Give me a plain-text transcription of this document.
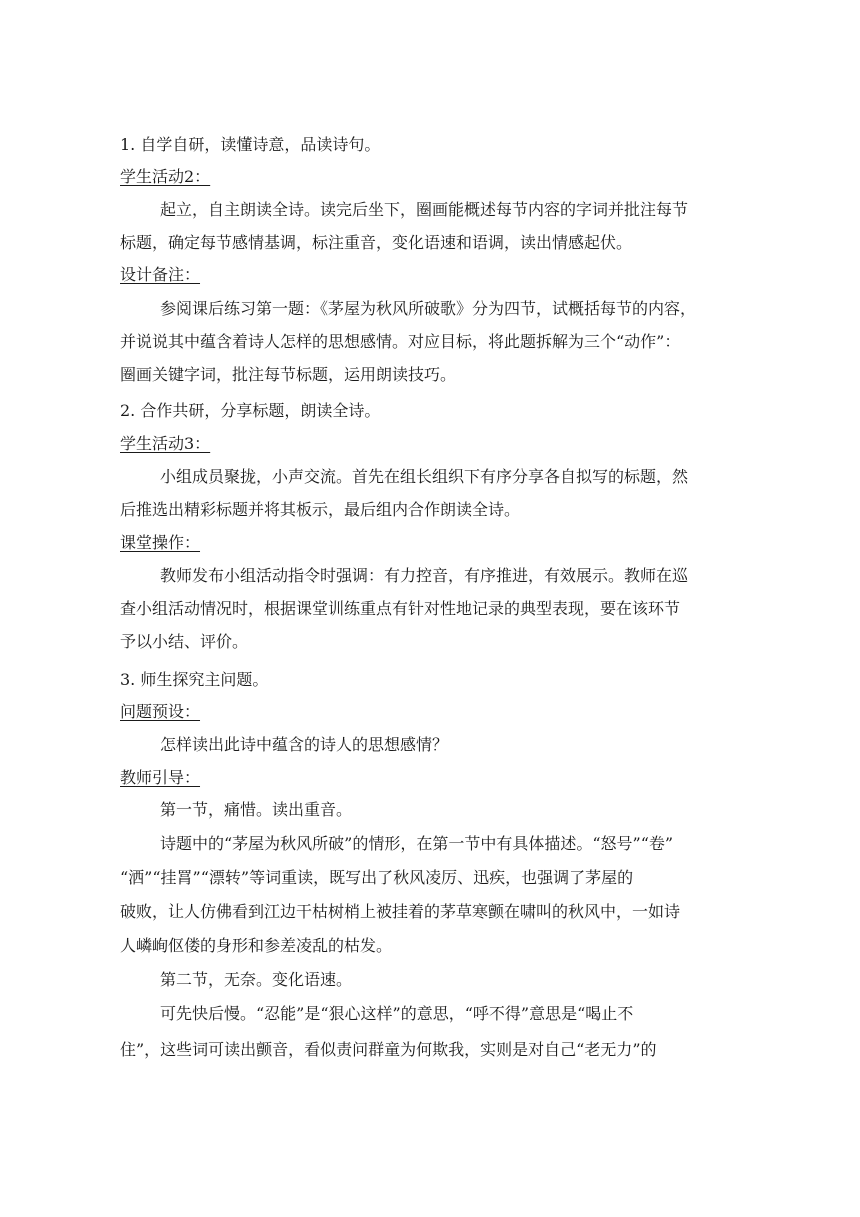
1. 自学自研，读懂诗意，品读诗句。
学生活动2：
起立，自主朗读全诗。读完后坐下，圈画能概述每节内容的字词并批注每节
标题，确定每节感情基调，标注重音，变化语速和语调，读出情感起伏。
设计备注：
参阅课后练习第一题：《茅屋为秋风所破歌》分为四节，试概括每节的内容，
并说说其中蕴含着诗人怎样的思想感情。对应目标，将此题拆解为三个“动作”：
圈画关键字词，批注每节标题，运用朗读技巧。
2. 合作共研，分享标题，朗读全诗。
学生活动3：
小组成员聚拢，小声交流。首先在组长组织下有序分享各自拟写的标题，然
后推选出精彩标题并将其板示，最后组内合作朗读全诗。
课堂操作：
教师发布小组活动指令时强调：有力控音，有序推进，有效展示。教师在巡
查小组活动情况时，根据课堂训练重点有针对性地记录的典型表现，要在该环节
予以小结、评价。
3. 师生探究主问题。
问题预设：
怎样读出此诗中蕴含的诗人的思想感情？
教师引导：
第一节，痛惜。读出重音。
诗题中的“茅屋为秋风所破”的情形，在第一节中有具体描述。“怒号”“卷”
“洒”“挂罥”“漂转”等词重读，既写出了秋风凌厉、迅疾，也强调了茅屋的
破败，让人仿佛看到江边干枯树梢上被挂着的茅草寒颤在啸叫的秋风中，一如诗
人嶙峋伛偻的身形和参差凌乱的枯发。
第二节，无奈。变化语速。
可先快后慢。“忍能”是“狠心这样”的意思，“呼不得”意思是“喝止不
住”，这些词可读出颤音，看似责问群童为何欺我，实则是对自己“老无力”的
